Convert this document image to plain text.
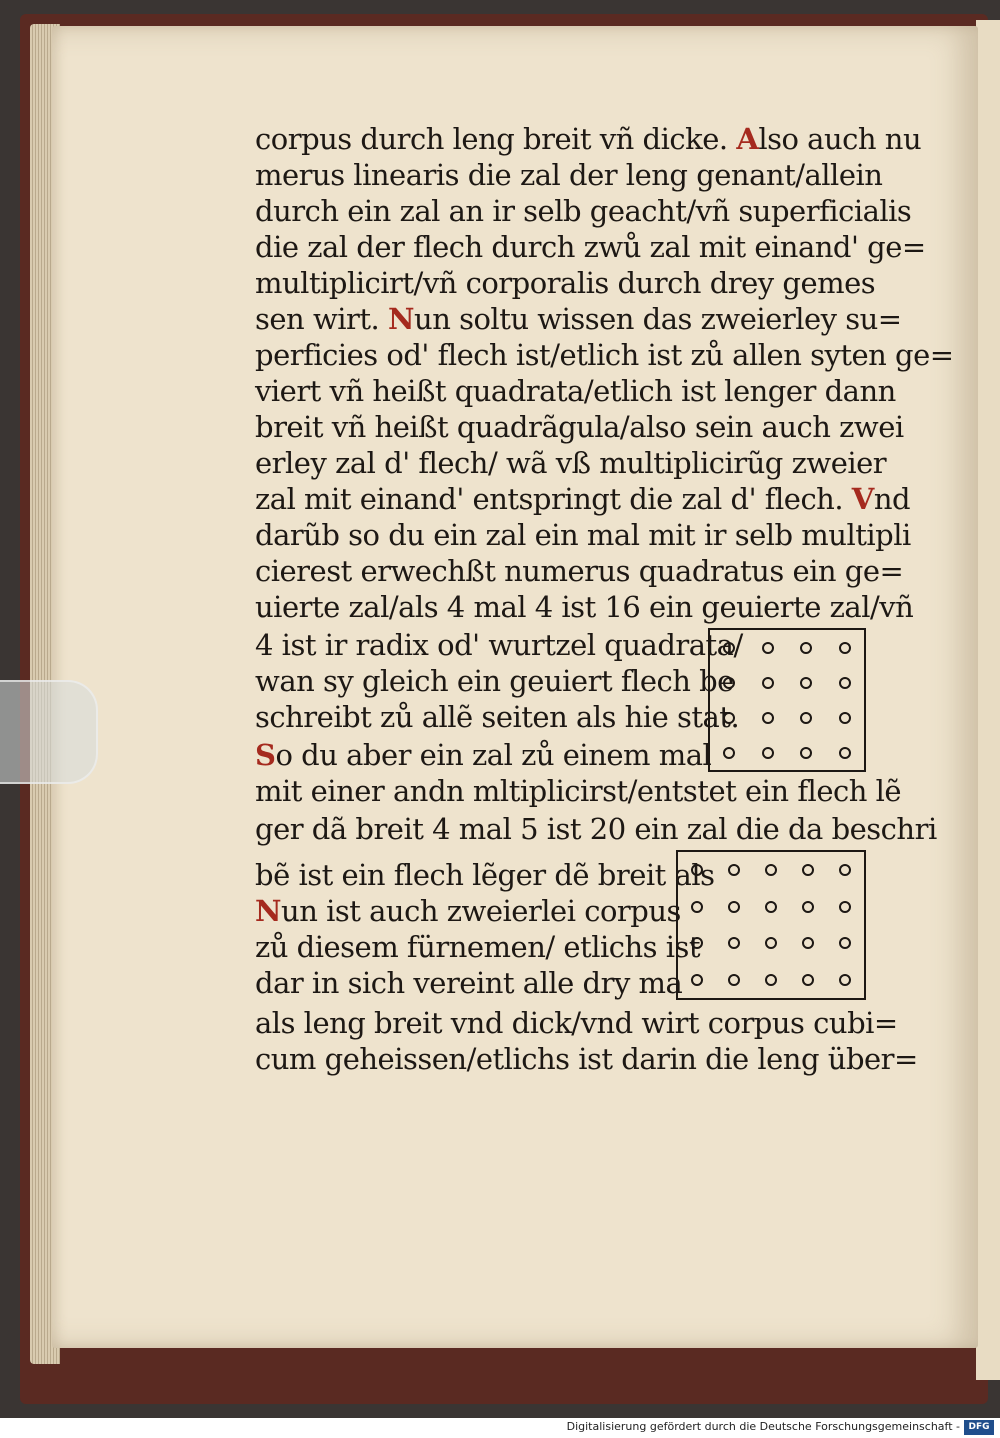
corpus durch leng breit vñ dicke. Also auch nu
merus linearis die zal der leng genant/allein
durch ein zal an ir selb geacht/vñ superficialis
die zal der flech durch zwů zal mit einand' ge=
multiplicirt/vñ corporalis durch drey gemes
sen wirt. Nun soltu wissen das zweierley su=
perficies od' flech ist/etlich ist zů allen syten ge=
viert vñ heißt quadrata/etlich ist lenger dann
breit vñ heißt quadrãgula/also sein auch zwei
erley zal d' flech/ wã vß multiplicirũg zweier
zal mit einand' entspringt die zal d' flech. Vnd
darũb so du ein zal ein mal mit ir selb multipli
cierest erwechßt numerus quadratus ein ge=
uierte zal/als 4 mal 4 ist 16 ein geuierte zal/vñ
4 ist ir radix od' wurtzel quadrata/
wan sy gleich ein geuiert flech be
schreibt zů allẽ seiten als hie stat.
So du aber ein zal zů einem mal
mit einer andn mltiplicirst/entstet ein flech lẽ
ger dã breit 4 mal 5 ist 20 ein zal die da beschri
bẽ ist ein flech lẽger dẽ breit als
Nun ist auch zweierlei corpus
zů diesem fürnemen/ etlichs ist
dar in sich vereint alle dry ma
als leng breit vnd dick/vnd wirt corpus cubi=
cum geheissen/etlichs ist darin die leng über=
Digitalisierung gefördert durch die Deutsche Forschungsgemeinschaft - DFG
